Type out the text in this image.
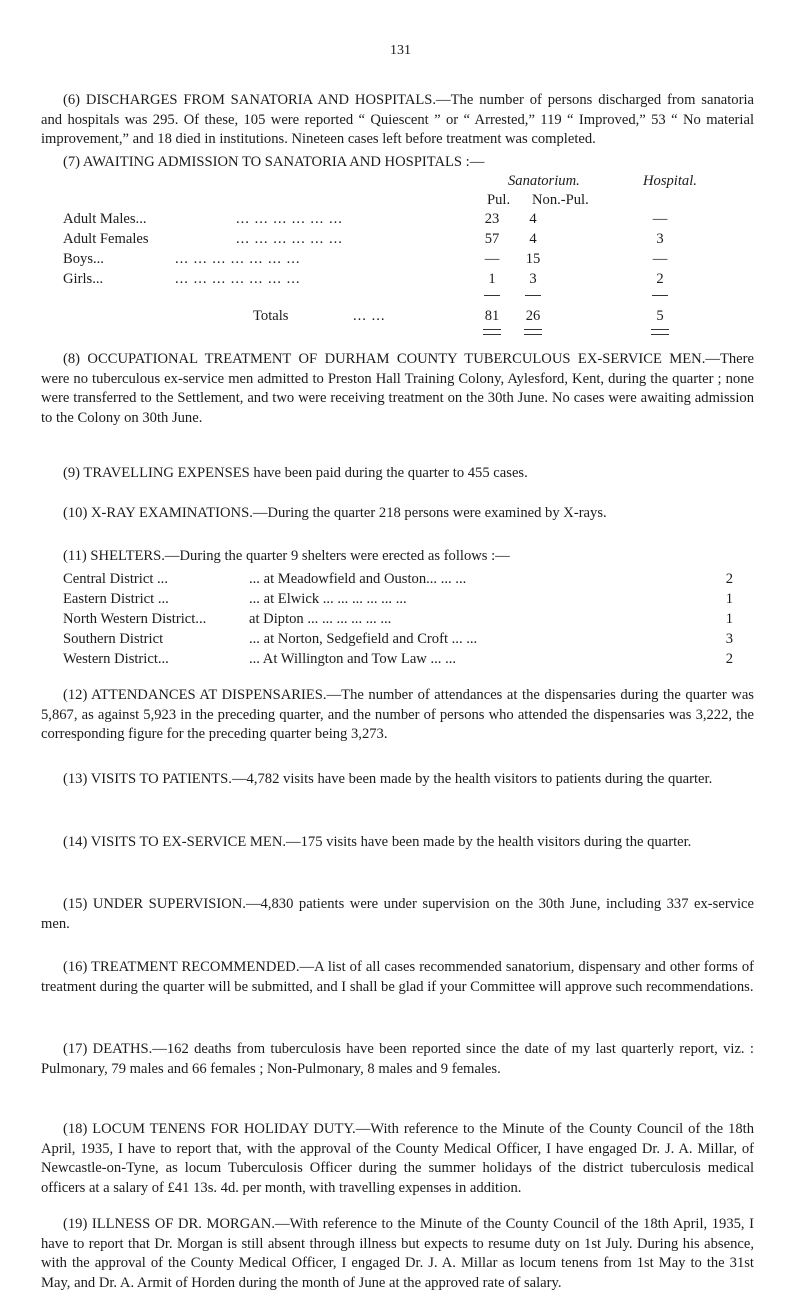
131

(6) DISCHARGES FROM SANATORIA AND HOSPITALS.—The number of persons discharged from sanatoria and hospitals was 295. Of these, 105 were reported “ Quiescent ” or “ Arrested,” 119 “ Improved,” 53 “ No material improvement,” and 18 died in institutions. Nineteen cases left before treatment was completed.

(7) AWAITING ADMISSION TO SANATORIA AND HOSPITALS :—

Sanatorium.	Hospital.
Pul. Non.-Pul.
Adult Males...	... ... ... ... ... ...	23	4	—
Adult Females	... ... ... ... ... ...	57	4	3
Boys...	... ... ... ... ... ... ...	—	15	—
Girls...	... ... ... ... ... ... ...	1	3	2
Totals	... ...	81	26	5

(8) OCCUPATIONAL TREATMENT OF DURHAM COUNTY TUBERCULOUS EX-SERVICE MEN.—There were no tuberculous ex-service men admitted to Preston Hall Training Colony, Aylesford, Kent, during the quarter ; none were transferred to the Settlement, and two were receiving treatment on the 30th June. No cases were awaiting admission to the Colony on 30th June.

(9) TRAVELLING EXPENSES have been paid during the quarter to 455 cases.

(10) X-RAY EXAMINATIONS.—During the quarter 218 persons were examined by X-rays.

(11) SHELTERS.—During the quarter 9 shelters were erected as follows :—

Central District ...	... at Meadowfield and Ouston... ... ...	2
Eastern District ...	... at Elwick ... ... ... ... ... ...	1
North Western District...	at Dipton ... ... ... ... ... ...	1
Southern District	... at Norton, Sedgefield and Croft ... ...	3
Western District...	... At Willington and Tow Law ... ...	2

(12) ATTENDANCES AT DISPENSARIES.—The number of attendances at the dispensaries during the quarter was 5,867, as against 5,923 in the preceding quarter, and the number of persons who attended the dispensaries was 3,222, the corresponding figure for the preceding quarter being 3,273.

(13) VISITS TO PATIENTS.—4,782 visits have been made by the health visitors to patients during the quarter.

(14) VISITS TO EX-SERVICE MEN.—175 visits have been made by the health visitors during the quarter.

(15) UNDER SUPERVISION.—4,830 patients were under supervision on the 30th June, including 337 ex-service men.

(16) TREATMENT RECOMMENDED.—A list of all cases recommended sanatorium, dispensary and other forms of treatment during the quarter will be submitted, and I shall be glad if your Committee will approve such recommendations.

(17) DEATHS.—162 deaths from tuberculosis have been reported since the date of my last quarterly report, viz. : Pulmonary, 79 males and 66 females ; Non-Pulmonary, 8 males and 9 females.

(18) LOCUM TENENS FOR HOLIDAY DUTY.—With reference to the Minute of the County Council of the 18th April, 1935, I have to report that, with the approval of the County Medical Officer, I have engaged Dr. J. A. Millar, of Newcastle-on-Tyne, as locum Tuberculosis Officer during the summer holidays of the district tuberculosis medical officers at a salary of £41 13s. 4d. per month, with travelling expenses in addition.

(19) ILLNESS OF DR. MORGAN.—With reference to the Minute of the County Council of the 18th April, 1935, I have to report that Dr. Morgan is still absent through illness but expects to resume duty on 1st July. During his absence, with the approval of the County Medical Officer, I engaged Dr. J. A. Millar as locum tenens from 1st May to the 31st May, and Dr. A. Armit of Horden during the month of June at the approved rate of salary.
